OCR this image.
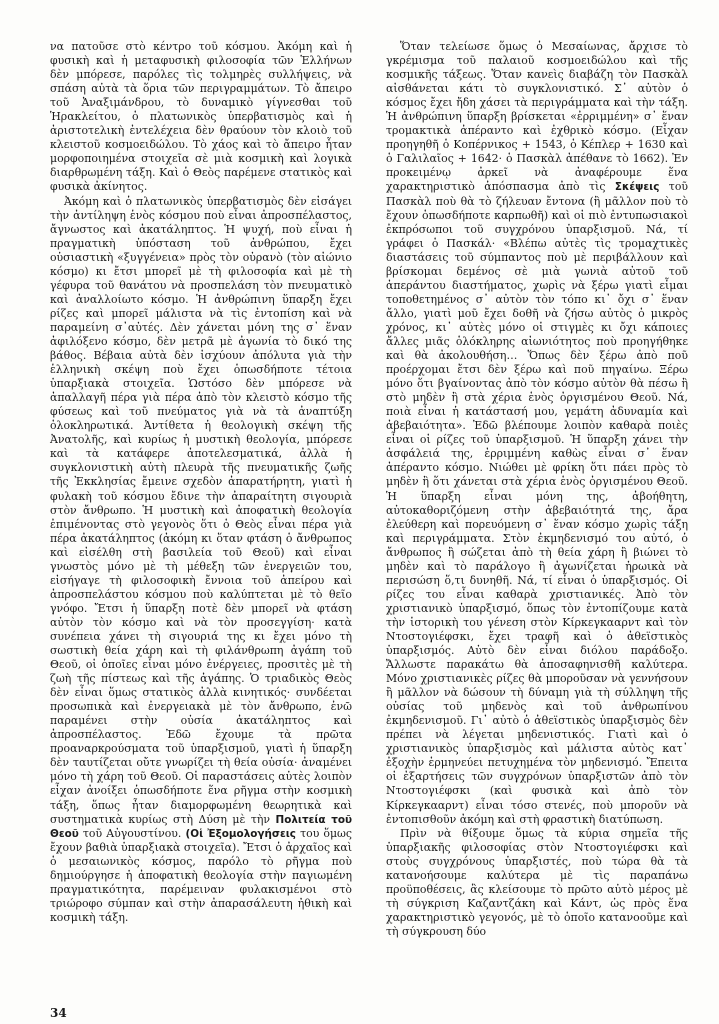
να πατοῦσε στὸ κέντρο τοῦ κόσμου. Ἀκόμη καὶ ἡ φυσικὴ καὶ ἡ μεταφυσικὴ φιλοσοφία τῶν Ἑλλήνων δὲν μπόρεσε, παρόλες τὶς τολμηρὲς συλλήψεις, νὰ σπάση αὐτὰ τὰ ὅρια τῶν περιγραμμάτων. Τὸ ἄπειρο τοῦ Ἀναξιμάνδρου, τὸ δυναμικὸ γίγνεσθαι τοῦ Ἡρακλείτου, ὁ πλατωνικὸς ὑπερβατισμὸς καὶ ἡ ἀριστοτελικὴ ἐντελέχεια δὲν θραύουν τὸν κλοιὸ τοῦ κλειστοῦ κοσμοειδώλου. Τὸ χάος καὶ τὸ ἄπειρο ἦταν μορφοποιημένα στοιχεῖα σὲ μιὰ κοσμικὴ καὶ λογικὰ διαρθρωμένη τάξη. Καὶ ὁ Θεὸς παρέμενε στατικὸς καὶ φυσικὰ ἀκίνητος.

Ἀκόμη καὶ ὁ πλατωνικὸς ὑπερβατισμὸς δὲν εἰσάγει τὴν ἀντίληψη ἑνὸς κόσμου ποὺ εἶναι ἀπροσπέλαστος, ἄγνωστος καὶ ἀκατάληπτος. Ἡ ψυχή, ποὺ εἶναι ἡ πραγματικὴ ὑπόσταση τοῦ ἀνθρώπου, ἔχει οὐσιαστικὴ «ξυγγένεια» πρὸς τὸν οὐρανὸ (τὸν αἰώνιο κόσμο) κι ἔτσι μπορεῖ μὲ τὴ φιλοσοφία καὶ μὲ τὴ γέφυρα τοῦ θανάτου νὰ προσπελάση τὸν πνευματικὸ καὶ ἀναλλοίωτο κόσμο. Ἡ ἀνθρώπινη ὕπαρξη ἔχει ρίζες καὶ μπορεῖ μάλιστα νὰ τὶς ἐντοπίση καὶ νὰ παραμείνη σ᾿αὐτές. Δὲν χάνεται μόνη της σ᾿ ἕναν ἀφιλόξενο κόσμο, δὲν μετρᾶ μὲ ἀγωνία τὸ δικό της βάθος. Βέβαια αὐτὰ δὲν ἰσχύουν ἀπόλυτα γιὰ τὴν ἑλληνικὴ σκέψη ποὺ ἔχει ὁπωσδήποτε τέτοια ὑπαρξιακὰ στοιχεῖα. Ὡστόσο δὲν μπόρεσε νὰ ἀπαλλαγῆ πέρα γιὰ πέρα ἀπὸ τὸν κλειστὸ κόσμο τῆς φύσεως καὶ τοῦ πνεύματος γιὰ νὰ τὰ ἀναπτύξη ὁλοκληρωτικά. Ἀντίθετα ἡ θεολογικὴ σκέψη τῆς Ἀνατολῆς, καὶ κυρίως ἡ μυστικὴ θεολογία, μπόρεσε καὶ τὰ κατάφερε ἀποτελεσματικά, ἀλλὰ ἡ συγκλονιστικὴ αὐτὴ πλευρὰ τῆς πνευματικῆς ζωῆς τῆς Ἐκκλησίας ἔμεινε σχεδὸν ἀπαρατήρητη, γιατὶ ἡ φυλακὴ τοῦ κόσμου ἔδινε τὴν ἀπαραίτητη σιγουριὰ στὸν ἄνθρωπο. Ἡ μυστικὴ καὶ ἀποφατικὴ θεολογία ἐπιμένοντας στὸ γεγονὸς ὅτι ὁ Θεὸς εἶναι πέρα γιὰ πέρα ἀκατάληπτος (ἀκόμη κι ὅταν φτάση ὁ ἄνθρωπος καὶ εἰσέλθη στὴ βασιλεία τοῦ Θεοῦ) καὶ εἶναι γνωστὸς μόνο μὲ τὴ μέθεξη τῶν ἐνεργειῶν του, εἰσήγαγε τὴ φιλοσοφικὴ ἔννοια τοῦ ἀπείρου καὶ ἀπροσπελάστου κόσμου ποὺ καλύπτεται μὲ τὸ θεῖο γνόφο. Ἔτσι ἡ ὕπαρξη ποτὲ δὲν μπορεῖ νὰ φτάση αὐτὸν τὸν κόσμο καὶ νὰ τὸν προσεγγίση· κατὰ συνέπεια χάνει τὴ σιγουριά της κι ἔχει μόνο τὴ σωστικὴ θεία χάρη καὶ τὴ φιλάνθρωπη ἀγάπη τοῦ Θεοῦ, οἱ ὁποῖες εἶναι μόνο ἐνέργειες, προσιτὲς μὲ τὴ ζωὴ τῆς πίστεως καὶ τῆς ἀγάπης. Ὁ τριαδικὸς Θεὸς δὲν εἶναι ὅμως στατικὸς ἀλλὰ κινητικός· συνδέεται προσωπικὰ καὶ ἐνεργειακὰ μὲ τὸν ἄνθρωπο, ἐνῶ παραμένει στὴν οὐσία ἀκατάληπτος καὶ ἀπροσπέλαστος. Ἐδῶ ἔχουμε τὰ πρῶτα προαναρκρούσματα τοῦ ὑπαρξισμοῦ, γιατὶ ἡ ὕπαρξη δὲν ταυτίζεται οὔτε γνωρίζει τὴ θεία οὐσία· ἀναμένει μόνο τὴ χάρη τοῦ Θεοῦ. Οἱ παραστάσεις αὐτὲς λοιπὸν εἶχαν ἀνοίξει ὁπωσδήποτε ἕνα ρῆγμα στὴν κοσμικὴ τάξη, ὅπως ἦταν διαμορφωμένη θεωρητικὰ καὶ συστηματικὰ κυρίως στὴ Δύση μὲ τὴν Πολιτεία τοῦ Θεοῦ τοῦ Αὐγουστίνου. (Οἱ Ἐξομολογήσεις του ὅμως ἔχουν βαθιὰ ὑπαρξιακὰ στοιχεῖα). Ἔτσι ὁ ἀρχαῖος καὶ ὁ μεσαιωνικὸς κόσμος, παρόλο τὸ ρῆγμα ποὺ δημιούργησε ἡ ἀποφατικὴ θεολογία στὴν παγιωμένη πραγματικότητα, παρέμειναν φυλακισμένοι στὸ τριώροφο σύμπαν καὶ στὴν ἀπαρασάλευτη ἠθικὴ καὶ κοσμικὴ τάξη.

Ὅταν τελείωσε ὅμως ὁ Μεσαίωνας, ἄρχισε τὸ γκρέμισμα τοῦ παλαιοῦ κοσμοειδώλου καὶ τῆς κοσμικῆς τάξεως. Ὅταν κανεὶς διαβάζη τὸν Πασκὰλ αἰσθάνεται κάτι τὸ συγκλονιστικό. Σ᾿ αὐτὸν ὁ κόσμος ἔχει ἤδη χάσει τὰ περιγράμματα καὶ τὴν τάξη. Ἡ ἀνθρώπινη ὕπαρξη βρίσκεται «ἐρριμμένη» σ᾿ ἕναν τρομακτικὰ ἀπέραντο καὶ ἐχθρικὸ κόσμο. (Εἶχαν προηγηθῆ ὁ Κοπέρνικος + 1543, ὁ Κέπλερ + 1630 καὶ ὁ Γαλιλαῖος + 1642· ὁ Πασκὰλ ἀπέθανε τὸ 1662). Ἐν προκειμένῳ ἀρκεῖ νὰ ἀναφέρουμε ἕνα χαρακτηριστικὸ ἀπόσπασμα ἀπὸ τὶς Σκέψεις τοῦ Πασκὰλ ποὺ θὰ τὸ ζήλευαν ἔντονα (ἢ μᾶλλον ποὺ τὸ ἔχουν ὁπωσδήποτε καρπωθῆ) καὶ οἱ πιὸ ἐντυπωσιακοὶ ἐκπρόσωποι τοῦ συγχρόνου ὑπαρξισμοῦ. Νά, τί γράφει ὁ Πασκάλ· «Βλέπω αὐτὲς τὶς τρομαχτικὲς διαστάσεις τοῦ σύμπαντος ποὺ μὲ περιβάλλουν καὶ βρίσκομαι δεμένος σὲ μιὰ γωνιὰ αὐτοῦ τοῦ ἀπεράντου διαστήματος, χωρὶς νὰ ξέρω γιατὶ εἶμαι τοποθετημένος σ᾿ αὐτὸν τὸν τόπο κι᾿ ὄχι σ᾿ ἕναν ἄλλο, γιατὶ μοῦ ἔχει δοθῆ νὰ ζήσω αὐτὸς ὁ μικρὸς χρόνος, κι᾿ αὐτὲς μόνο οἱ στιγμὲς κι ὄχι κάποιες ἄλλες μιᾶς ὁλόκληρης αἰωνιότητος ποὺ προηγήθηκε καὶ θὰ ἀκολουθήση… Ὅπως δὲν ξέρω ἀπὸ ποῦ προέρχομαι ἔτσι δὲν ξέρω καὶ ποῦ πηγαίνω. Ξέρω μόνο ὅτι βγαίνοντας ἀπὸ τὸν κόσμο αὐτὸν θὰ πέσω ἢ στὸ μηδὲν ἢ στὰ χέρια ἑνὸς ὀργισμένου Θεοῦ. Νά, ποιὰ εἶναι ἡ κατάστασή μου, γεμάτη ἀδυναμία καὶ ἀβεβαιότητα». Ἐδῶ βλέπουμε λοιπὸν καθαρὰ ποιὲς εἶναι οἱ ρίζες τοῦ ὑπαρξισμοῦ. Ἡ ὕπαρξη χάνει τὴν ἀσφάλειά της, ἐρριμμένη καθὼς εἶναι σ᾿ ἕναν ἀπέραντο κόσμο. Νιώθει μὲ φρίκη ὅτι πάει πρὸς τὸ μηδὲν ἢ ὅτι χάνεται στὰ χέρια ἑνὸς ὀργισμένου Θεοῦ. Ἡ ὕπαρξη εἶναι μόνη της, ἀβοήθητη, αὐτοκαθοριζόμενη στὴν ἀβεβαιότητά της, ἄρα ἐλεύθερη καὶ πορευόμενη σ᾿ ἕναν κόσμο χωρὶς τάξη καὶ περιγράμματα. Στὸν ἐκμηδενισμό του αὐτό, ὁ ἄνθρωπος ἢ σώζεται ἀπὸ τὴ θεία χάρη ἢ βιώνει τὸ μηδὲν καὶ τὸ παράλογο ἢ ἀγωνίζεται ἡρωικὰ νὰ περισώση ὅ,τι δυνηθῆ. Νά, τί εἶναι ὁ ὑπαρξισμός. Οἱ ρίζες του εἶναι καθαρὰ χριστιανικές. Ἀπὸ τὸν χριστιανικὸ ὑπαρξισμό, ὅπως τὸν ἐντοπίζουμε κατὰ τὴν ἱστορικὴ του γένεση στὸν Κίρκεγκααρντ καὶ τὸν Ντοστογιέφσκι, ἔχει τραφῆ καὶ ὁ ἀθεϊστικὸς ὑπαρξισμός. Αὐτὸ δὲν εἶναι διόλου παράδοξο. Ἄλλωστε παρακάτω θὰ ἀποσαφηνισθῆ καλύτερα. Μόνο χριστιανικὲς ρίζες θὰ μποροῦσαν νὰ γεννήσουν ἢ μᾶλλον νὰ δώσουν τὴ δύναμη γιὰ τὴ σύλληψη τῆς οὐσίας τοῦ μηδενὸς καὶ τοῦ ἀνθρωπίνου ἐκμηδενισμοῦ. Γι᾿ αὐτὸ ὁ ἀθεϊστικὸς ὑπαρξισμὸς δὲν πρέπει νὰ λέγεται μηδενιστικός. Γιατὶ καὶ ὁ χριστιανικὸς ὑπαρξισμὸς καὶ μάλιστα αὐτὸς κατ᾿ ἐξοχὴν ἑρμηνεύει πετυχημένα τὸν μηδενισμό. Ἔπειτα οἱ ἐξαρτήσεις τῶν συγχρόνων ὑπαρξιστῶν ἀπὸ τὸν Ντοστογιέφσκι (καὶ φυσικὰ καὶ ἀπὸ τὸν Κίρκεγκααρντ) εἶναι τόσο στενές, ποὺ μποροῦν νὰ ἐντοπισθοῦν ἀκόμη καὶ στὴ φραστικὴ διατύπωση.

Πρὶν νὰ θίξουμε ὅμως τὰ κύρια σημεῖα τῆς ὑπαρξιακῆς φιλοσοφίας στὸν Ντοστογιέφσκι καὶ στοὺς συγχρόνους ὑπαρξιστές, ποὺ τώρα θὰ τὰ κατανοήσουμε καλύτερα μὲ τὶς παραπάνω προϋποθέσεις, ἂς κλείσουμε τὸ πρῶτο αὐτὸ μέρος μὲ τὴ σύγκριση Καζαντζάκη καὶ Κάντ, ὡς πρὸς ἕνα χαρακτηριστικὸ γεγονός, μὲ τὸ ὁποῖο κατανοοῦμε καὶ τὴ σύγκρουση δύο

34
